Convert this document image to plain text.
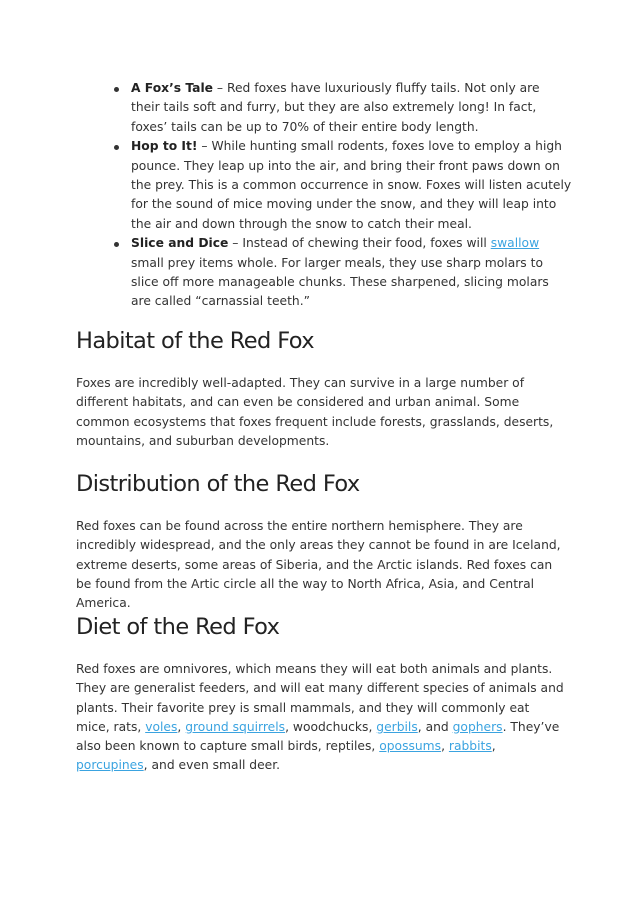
A Fox’s Tale – Red foxes have luxuriously fluffy tails. Not only are their tails soft and furry, but they are also extremely long! In fact, foxes’ tails can be up to 70% of their entire body length.
Hop to It! – While hunting small rodents, foxes love to employ a high pounce. They leap up into the air, and bring their front paws down on the prey. This is a common occurrence in snow. Foxes will listen acutely for the sound of mice moving under the snow, and they will leap into the air and down through the snow to catch their meal.
Slice and Dice – Instead of chewing their food, foxes will swallow small prey items whole. For larger meals, they use sharp molars to slice off more manageable chunks. These sharpened, slicing molars are called “carnassial teeth.”
Habitat of the Red Fox

Foxes are incredibly well-adapted. They can survive in a large number of different habitats, and can even be considered and urban animal. Some common ecosystems that foxes frequent include forests, grasslands, deserts, mountains, and suburban developments.

Distribution of the Red Fox

Red foxes can be found across the entire northern hemisphere. They are incredibly widespread, and the only areas they cannot be found in are Iceland, extreme deserts, some areas of Siberia, and the Arctic islands. Red foxes can be found from the Artic circle all the way to North Africa, Asia, and Central America.

Diet of the Red Fox

Red foxes are omnivores, which means they will eat both animals and plants. They are generalist feeders, and will eat many different species of animals and plants. Their favorite prey is small mammals, and they will commonly eat mice, rats, voles, ground squirrels, woodchucks, gerbils, and gophers. They’ve also been known to capture small birds, reptiles, opossums, rabbits, porcupines, and even small deer.
